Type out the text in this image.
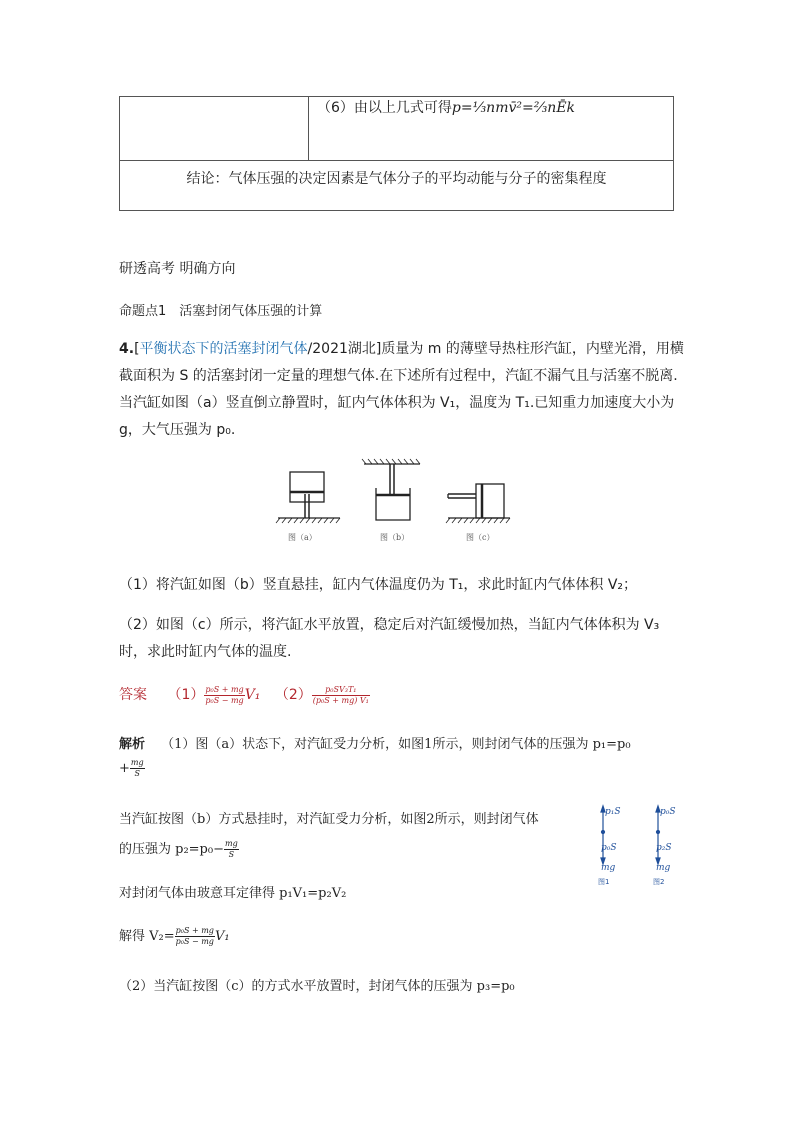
	（6）由以上几式可得p=⅓nmv̄²=⅔nĒk
结论：气体压强的决定因素是气体分子的平均动能与分子的密集程度
研透高考 明确方向
命题点1　活塞封闭气体压强的计算
4.[平衡状态下的活塞封闭气体/2021湖北]质量为 m 的薄壁导热柱形汽缸，内壁光滑，用横
截面积为 S 的活塞封闭一定量的理想气体.在下述所有过程中，汽缸不漏气且与活塞不脱离.
当汽缸如图（a）竖直倒立静置时，缸内气体体积为 V₁，温度为 T₁.已知重力加速度大小为
g，大气压强为 p₀.
图（a）	图（b）	图（c）
（1）将汽缸如图（b）竖直悬挂，缸内气体温度仍为 T₁，求此时缸内气体体积 V₂；
（2）如图（c）所示，将汽缸水平放置，稳定后对汽缸缓慢加热，当缸内气体体积为 V₃
时，求此时缸内气体的温度.
答案 $(1) \frac{\text{p₀S + mg}}{\text{p₀S − mg}} V_1$ $(2) \frac{\text{p₀SV₃T₁}}{\text{(p₀S + mg) V₁}}$
解析 （1）图（a）状态下，对汽缸受力分析，如图1所示，则封闭气体的压强为 p₁=p₀
+ $\frac{mg}{S}$
当汽缸按图（b）方式悬挂时，对汽缸受力分析，如图2所示，则封闭气体
的压强为 $p_2=p_0- \frac{mg}{S}$
对封闭气体由玻意耳定律得 p₁V₁=p₂V₂
解得 $V_2= \frac{\text{p₀S + mg}}{\text{p₀S − mg}} V_1$
（2）当汽缸按图（c）的方式水平放置时，封闭气体的压强为 p₃=p₀
p₁S
p₀S
mg
p₀S
p₂S
mg
图1	图2
